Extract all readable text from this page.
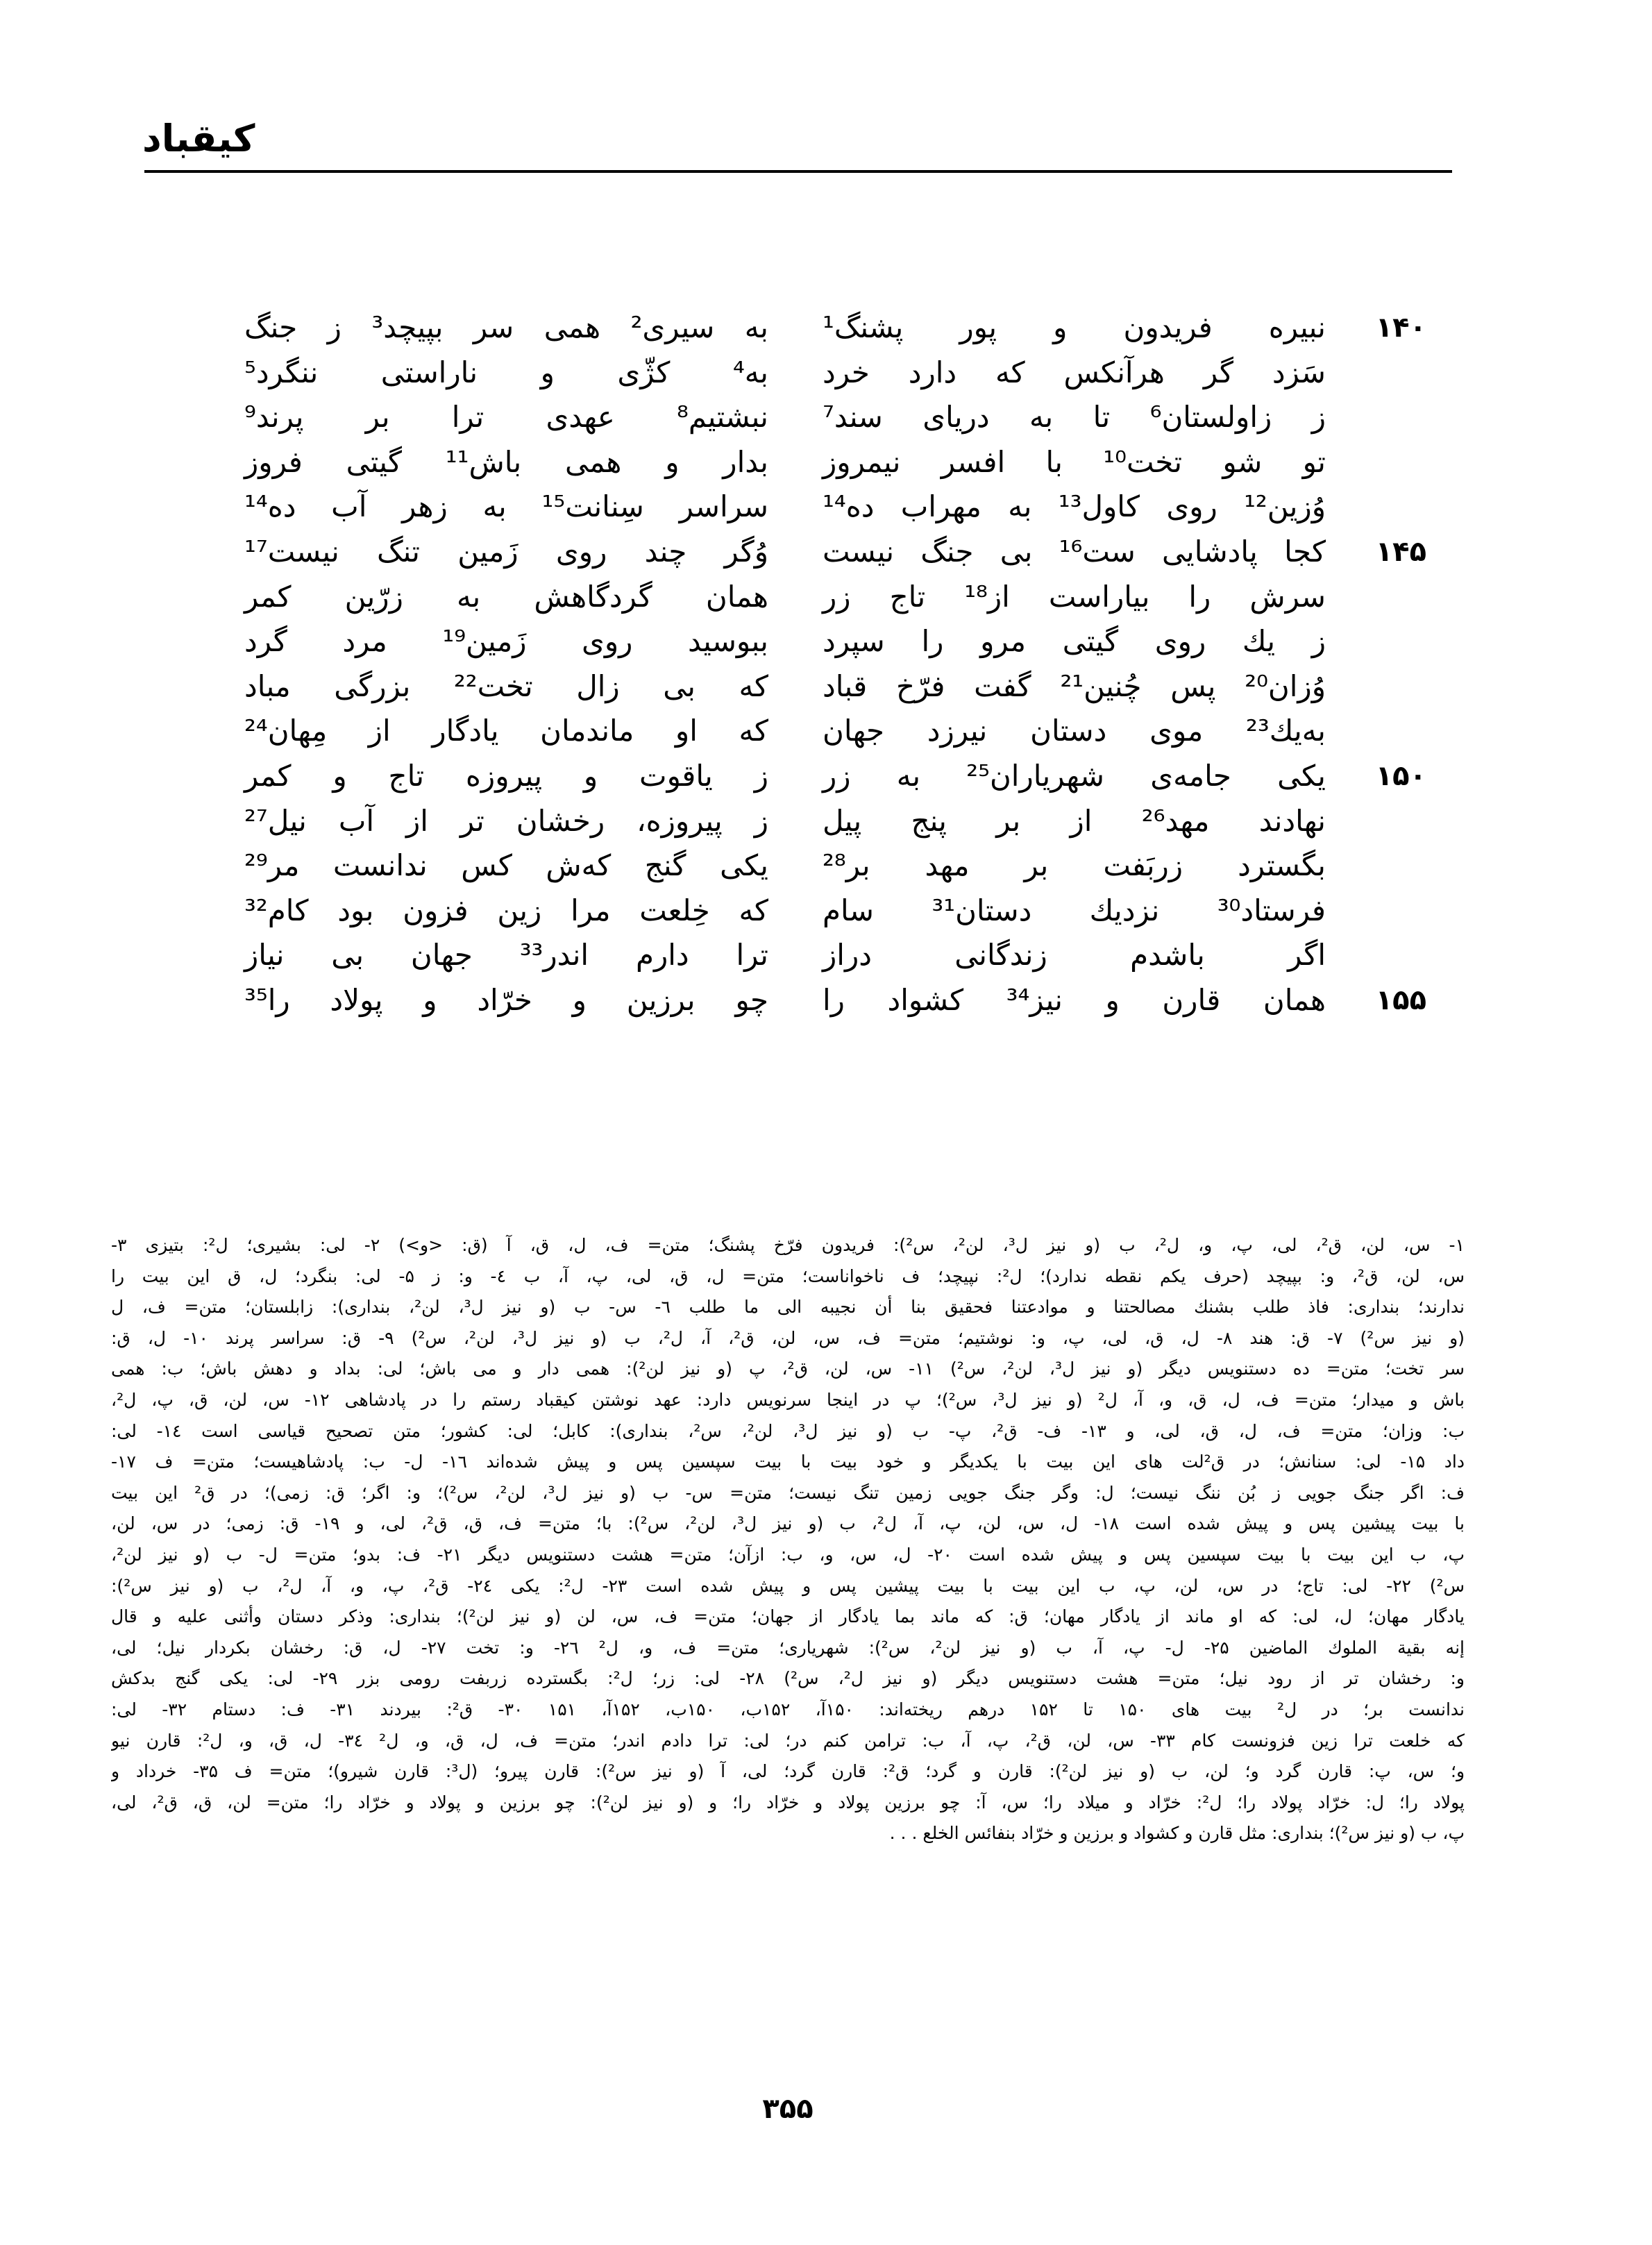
کیقباد
۱۴۰
۱۴۵
۱۵۰
۱۵۵
نبیره فریدون و پور پشنگ¹
سَزد گر هرآنکس که دارد خرد
ز زاولستان⁶ تا به دریای سند⁷
تو شو تخت¹⁰ با افسر نیمروز
وُزین¹² روی کاول¹³ به مهراب ده¹⁴
کجا پادشایی ست¹⁶ بی جنگ نیست
سرش را بیاراست از¹⁸ تاج زر
ز یك روی گیتی مرو را سپرد
وُزان²⁰ پس چُنین²¹ گفت فرّخ قباد
بەیك²³ موی دستان نیرزد جهان
یکی جامەی شهریاران²⁵ به زر
نهادند مهد²⁶ از بر پنج پیل
بگسترد زربَفت بر مهد بر²⁸
فرستاد³⁰ نزدیك دستان³¹ سام
اگر باشدم زندگانی دراز
همان قارن و نیز³⁴ کشواد را
به سیری² همی سر بپیچد³ ز جنگ
به⁴ کژّی و ناراستی ننگرد⁵
نبشتیم⁸ عهدی ترا بر پرند⁹
بدار و همی باش¹¹ گیتی فروز
سراسر سِنانت¹⁵ به زهر آب ده¹⁴
وُگر چند روی زَمین تنگ نیست¹⁷
همان گردگاهش به زرّین کمر
ببوسید روی زَمین¹⁹ مرد گرد
که بی زال تخت²² بزرگی مباد
که او ماندمان یادگار از مِهان²⁴
ز یاقوت و پیروزه تاج و کمر
ز پیروزه، رخشان تر از آب نیل²⁷
یکی گنج کەش کس ندانست مر²⁹
که خِلعت مرا زین فزون بود کام³²
ترا دارم اندر³³ جهان بی نیاز
چو برزین و خرّاد و پولاد را³⁵
۱- س، لن، ق²، لی، پ، و، ل²، ب (و نیز ل³، لن²، س²): فریدون فرّخ پشنگ؛ متن= ف، ل، ق، آ (ق: <و>) ۲- لی: بشیری؛ ل²: بتیزی ۳-
س، لن، ق²، و: بپیچد (حرف یکم نقطه ندارد)؛ ل²: نپیچد؛ ف ناخواناست؛ متن= ل، ق، لی، پ، آ، ب ٤- و: ز ۵- لی: بنگرد؛ ل، ق این بیت را
ندارند؛ بنداری: فاذ طلب بشنك مصالحتنا و موادعتنا فحقیق بنا أن نجیبه الی ما طلب ٦- س- ب (و نیز ل³، لن²، بنداری): زابلستان؛ متن= ف، ل
(و نیز س²) ۷- ق: هند ۸- ل، ق، لی، پ، و: نوشتیم؛ متن= ف، س، لن، ق²، آ، ل²، ب (و نیز ل³، لن²، س²) ۹- ق: سراسر پرند ۱۰- ل، ق:
سر تخت؛ متن= ده دستنویس دیگر (و نیز ل³، لن²، س²) ۱۱- س، لن، ق²، پ (و نیز لن²): همی دار و می باش؛ لی: بداد و دهش باش؛ ب: همی
باش و میدار؛ متن= ف، ل، ق، و، آ، ل² (و نیز ل³، س²)؛ پ در اینجا سرنویس دارد: عهد نوشتن کیقباد رستم را در پادشاهی ۱۲- س، لن، ق، پ، ل²،
ب: وزان؛ متن= ف، ل، ق، لی، و ۱۳- ف- ق²، پ- ب (و نیز ل³، لن²، س²، بنداری): کابل؛ لی: کشور؛ متن تصحیح قیاسی است ۱٤- لی:
داد ۱۵- لی: سنانش؛ در ق²لت های این بیت با یکدیگر و خود بیت با بیت سپسین پس و پیش شده‌اند ۱٦- ل- ب: پادشاهیست؛ متن= ف ۱۷-
ف: اگر جنگ جویی ز بُن ننگ نیست؛ ل: وگر جنگ جویی زمین تنگ نیست؛ متن= س- ب (و نیز ل³، لن²، س²)؛ و: اگر؛ ق: زمی)؛ در ق² این بیت
با بیت پیشین پس و پیش شده است ۱۸- ل، س، لن، پ، آ، ل²، ب (و نیز ل³، لن²، س²): با؛ متن= ف، ق، ق²، لی، و ۱۹- ق: زمی؛ در س، لن،
پ، ب این بیت با بیت سپسین پس و پیش شده است ۲۰- ل، س، و، ب: ازآن؛ متن= هشت دستنویس دیگر ۲۱- ف: بدو؛ متن= ل- ب (و نیز لن²،
س²) ۲۲- لی: تاج؛ در س، لن، پ، ب این بیت با بیت پیشین پس و پیش شده است ۲۳- ل²: یکی ۲٤- ق²، پ، و، آ، ل²، ب (و نیز س²):
یادگار مهان؛ ل، لی: که او ماند از یادگار مهان؛ ق: که ماند بما یادگار از جهان؛ متن= ف، س، لن (و نیز لن²)؛ بنداری: وذکر دستان وأثنی علیه و قال
إنه بقیة الملوك الماضین ۲۵- ل- پ، آ، ب (و نیز لن²، س²): شهریاری؛ متن= ف، و، ل² ۲٦- و: تخت ۲۷- ل، ق: رخشان بکردار نیل؛ لی،
و: رخشان تر از رود نیل؛ متن= هشت دستنویس دیگر (و نیز ل²، س²) ۲۸- لی: زر؛ ل²: بگسترده زربفت رومی بزر ۲۹- لی: یکی گنج بدکش
ندانست بر؛ در ل² بیت های ۱۵۰ تا ۱۵۲ درهم ریخته‌اند: ۱۵۰آ، ۱۵۲ب، ۱۵۰ب، ۱۵۲آ، ۱۵۱ ۳۰- ق²: بیردند ۳۱- ف: دستام ۳۲- لی:
که خلعت ترا زین فزونست کام ۳۳- س، لن، ق²، پ، آ، ب: ترامن کنم در؛ لی: ترا دادم اندر؛ متن= ف، ل، ق، و، ل² ۳٤- ل، ق، و، ل²: قارن نیو
و؛ س، پ: قارن گرد و؛ لن، ب (و نیز لن²): قارن و گرد؛ ق²: قارن گرد؛ لی، آ (و نیز س²): قارن پیرو؛ (ل³: قارن شیرو)؛ متن= ف ۳۵- خرداد و
پولاد را؛ ل: خرّاد پولاد را؛ ل²: خرّاد و میلاد را؛ س، آ: چو برزین پولاد و خرّاد را؛ و (و نیز لن²): چو برزین و پولاد و خرّاد را؛ متن= لن، ق، ق²، لی،
پ، ب (و نیز س²)؛ بنداری: مثل قارن و کشواد و برزین و خرّاد بنفائس الخلع . . .
۳۵۵
